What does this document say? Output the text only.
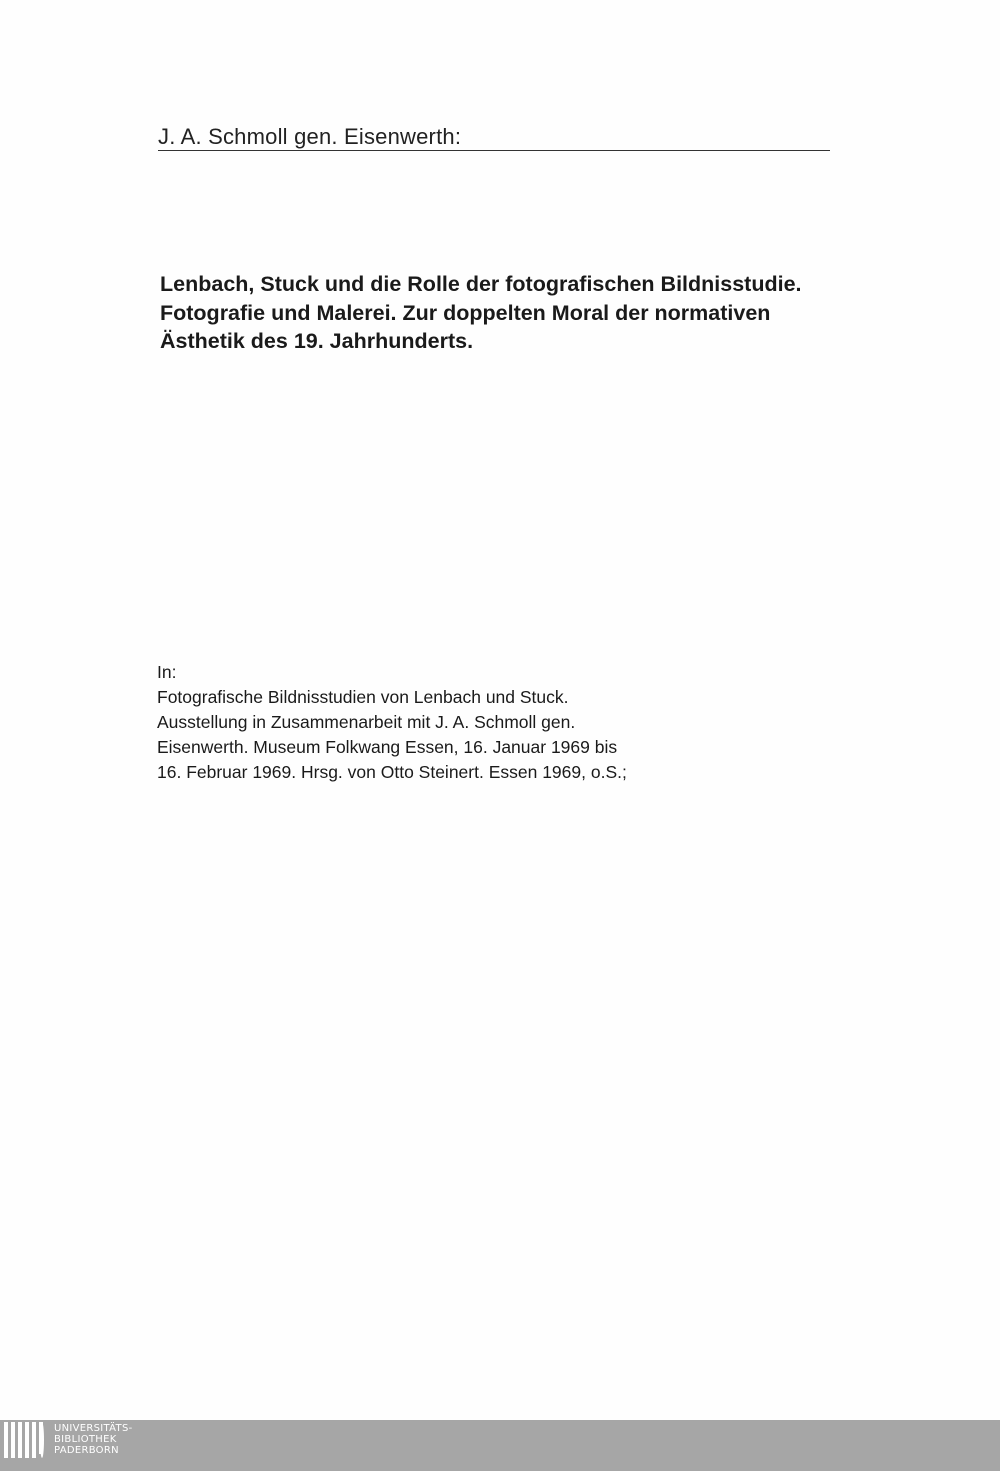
J. A. Schmoll gen. Eisenwerth:
Lenbach, Stuck und die Rolle der fotografischen Bildnisstudie.
Fotografie und Malerei. Zur doppelten Moral der normativen
Ästhetik des 19. Jahrhunderts.
In:
Fotografische Bildnisstudien von Lenbach und Stuck.
Ausstellung in Zusammenarbeit mit J. A. Schmoll gen.
Eisenwerth. Museum Folkwang Essen, 16. Januar 1969 bis
16. Februar 1969. Hrsg. von Otto Steinert. Essen 1969, o.S.;
UNIVERSITÄTS-
BIBLIOTHEK
PADERBORN
